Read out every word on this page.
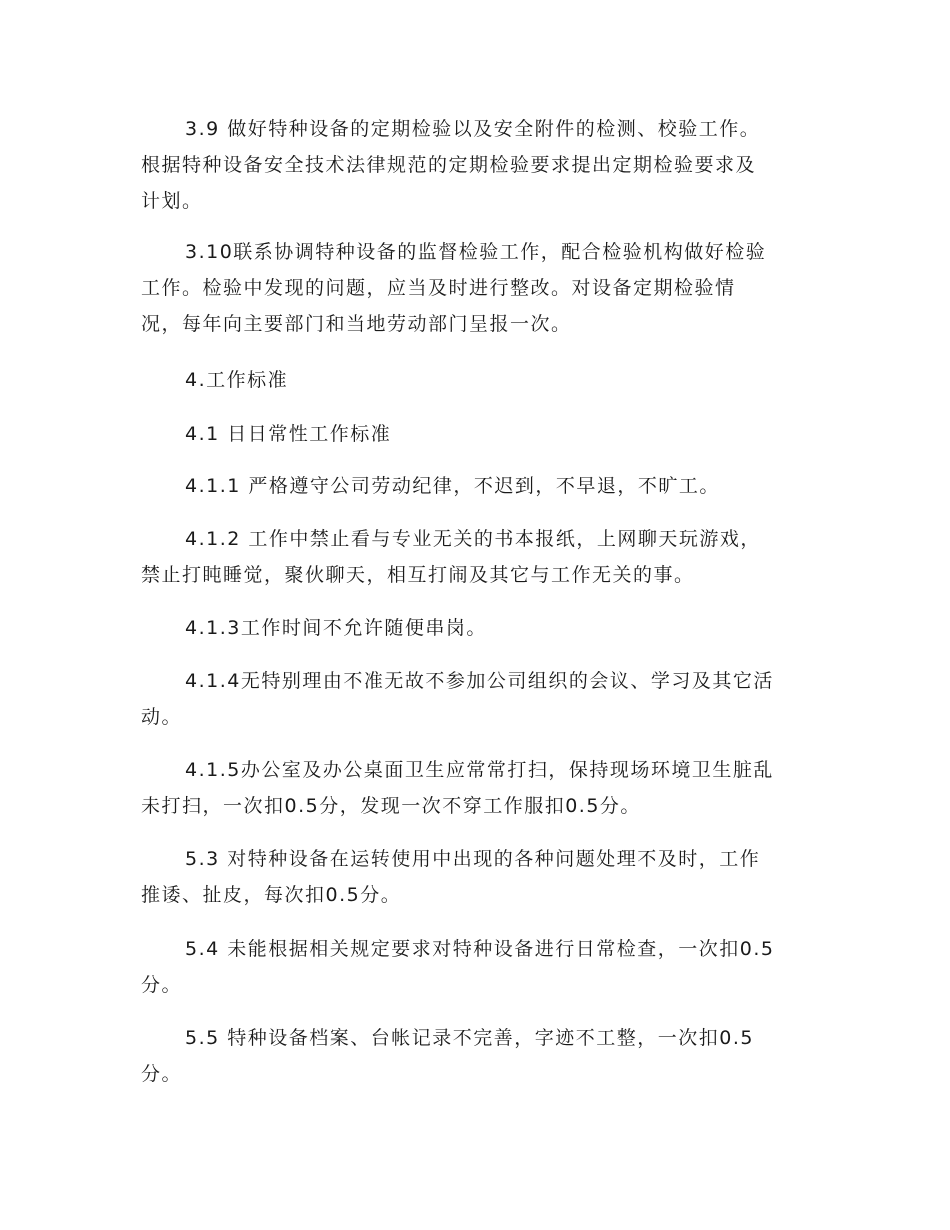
3.9 做好特种设备的定期检验以及安全附件的检测、校验工作。
根据特种设备安全技术法律规范的定期检验要求提出定期检验要求及
计划。

3.10联系协调特种设备的监督检验工作，配合检验机构做好检验
工作。检验中发现的问题，应当及时进行整改。对设备定期检验情
况，每年向主要部门和当地劳动部门呈报一次。

4.工作标准

4.1 日日常性工作标准

4.1.1 严格遵守公司劳动纪律，不迟到，不早退，不旷工。

4.1.2 工作中禁止看与专业无关的书本报纸，上网聊天玩游戏，
禁止打盹睡觉，聚伙聊天，相互打闹及其它与工作无关的事。

4.1.3工作时间不允许随便串岗。

4.1.4无特别理由不准无故不参加公司组织的会议、学习及其它活
动。

4.1.5办公室及办公桌面卫生应常常打扫，保持现场环境卫生脏乱
未打扫，一次扣0.5分，发现一次不穿工作服扣0.5分。

5.3 对特种设备在运转使用中出现的各种问题处理不及时，工作
推诿、扯皮，每次扣0.5分。

5.4 未能根据相关规定要求对特种设备进行日常检查，一次扣0.5
分。

5.5 特种设备档案、台帐记录不完善，字迹不工整，一次扣0.5
分。
